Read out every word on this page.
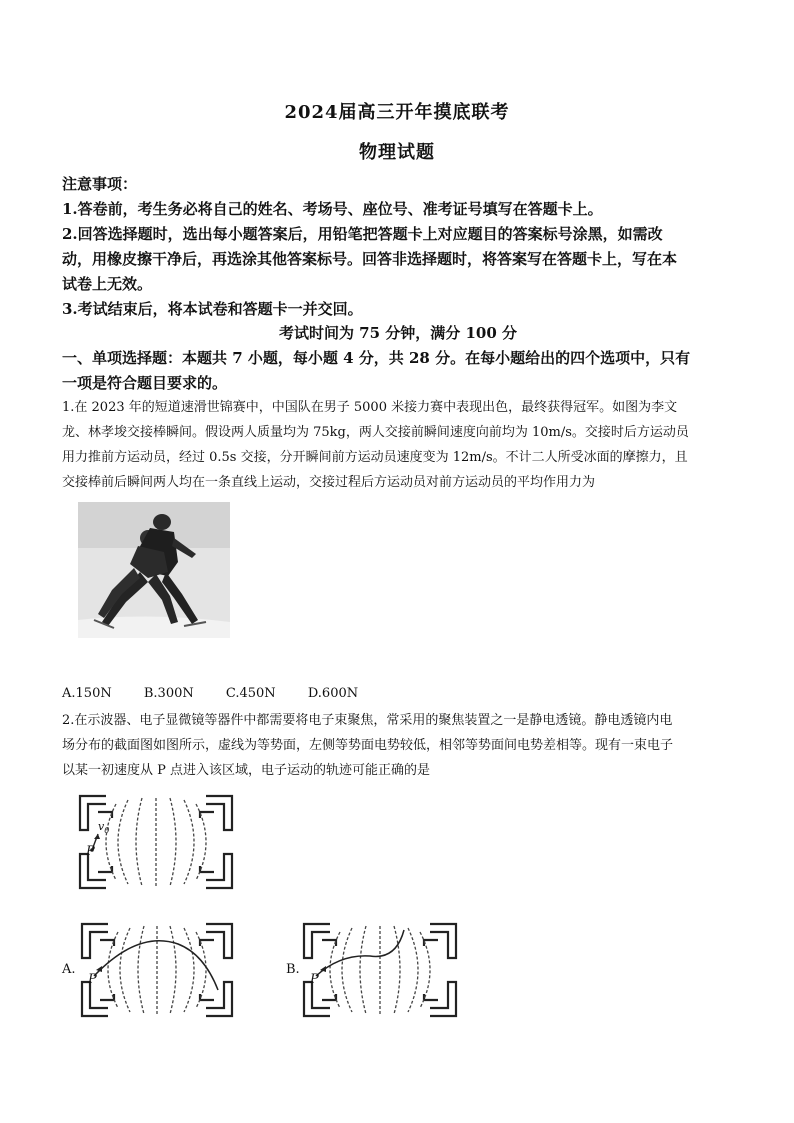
2024届高三开年摸底联考
物理试题
注意事项：
1.答卷前，考生务必将自己的姓名、考场号、座位号、准考证号填写在答题卡上。
2.回答选择题时，选出每小题答案后，用铅笔把答题卡上对应题目的答案标号涂黑，如需改
动，用橡皮擦干净后，再选涂其他答案标号。回答非选择题时，将答案写在答题卡上，写在本
试卷上无效。
3.考试结束后，将本试卷和答题卡一并交回。
考试时间为 75 分钟，满分 100 分
一、单项选择题：本题共 7 小题，每小题 4 分，共 28 分。在每小题给出的四个选项中，只有
一项是符合题目要求的。
1.在 2023 年的短道速滑世锦赛中，中国队在男子 5000 米接力赛中表现出色，最终获得冠军。如图为李文
龙、林孝埈交接棒瞬间。假设两人质量均为 75kg，两人交接前瞬间速度向前均为 10m/s。交接时后方运动员
用力推前方运动员，经过 0.5s 交接，分开瞬间前方运动员速度变为 12m/s。不计二人所受冰面的摩擦力，且
交接棒前后瞬间两人均在一条直线上运动，交接过程后方运动员对前方运动员的平均作用力为
A.150N B.300N C.450N D.600N
2.在示波器、电子显微镜等器件中都需要将电子束聚焦，常采用的聚焦装置之一是静电透镜。静电透镜内电
场分布的截面图如图所示，虚线为等势面，左侧等势面电势较低，相邻等势面间电势差相等。现有一束电子
以某一初速度从 P 点进入该区域，电子运动的轨迹可能正确的是
P
$v_0$
A.
P
B.
P
